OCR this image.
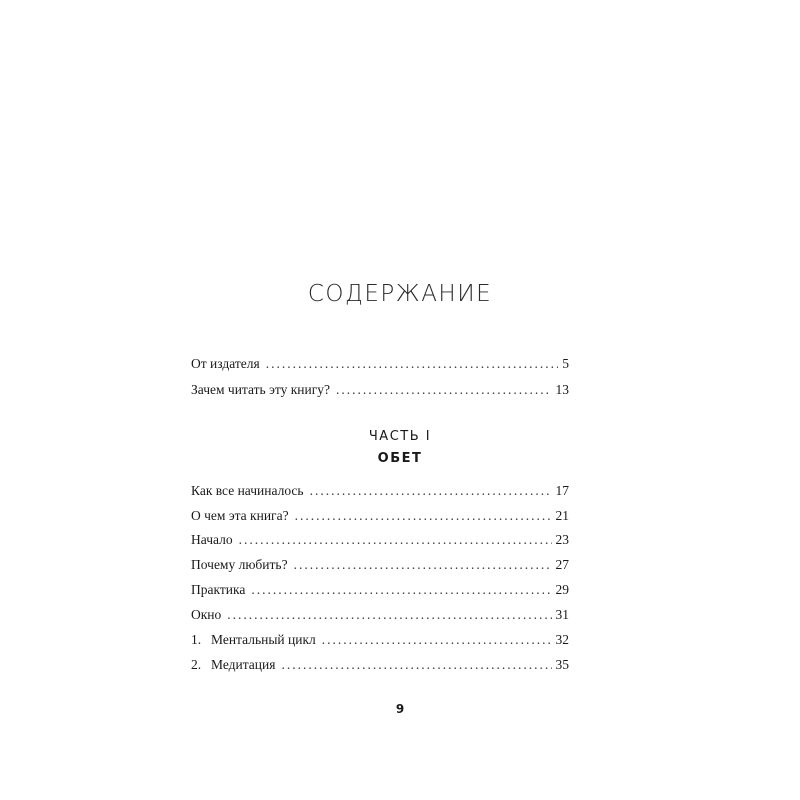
СОДЕРЖАНИЕ
От издателя .....	5
Зачем читать эту книгу? .....	13
ЧАСТЬ I
ОБЕТ
Как все начиналось .....	17
О чем эта книга? .....	21
Начало .....	23
Почему любить? .....	27
Практика .....	29
Окно .....	31
1. Ментальный цикл .....	32
2. Медитация .....	35
9
